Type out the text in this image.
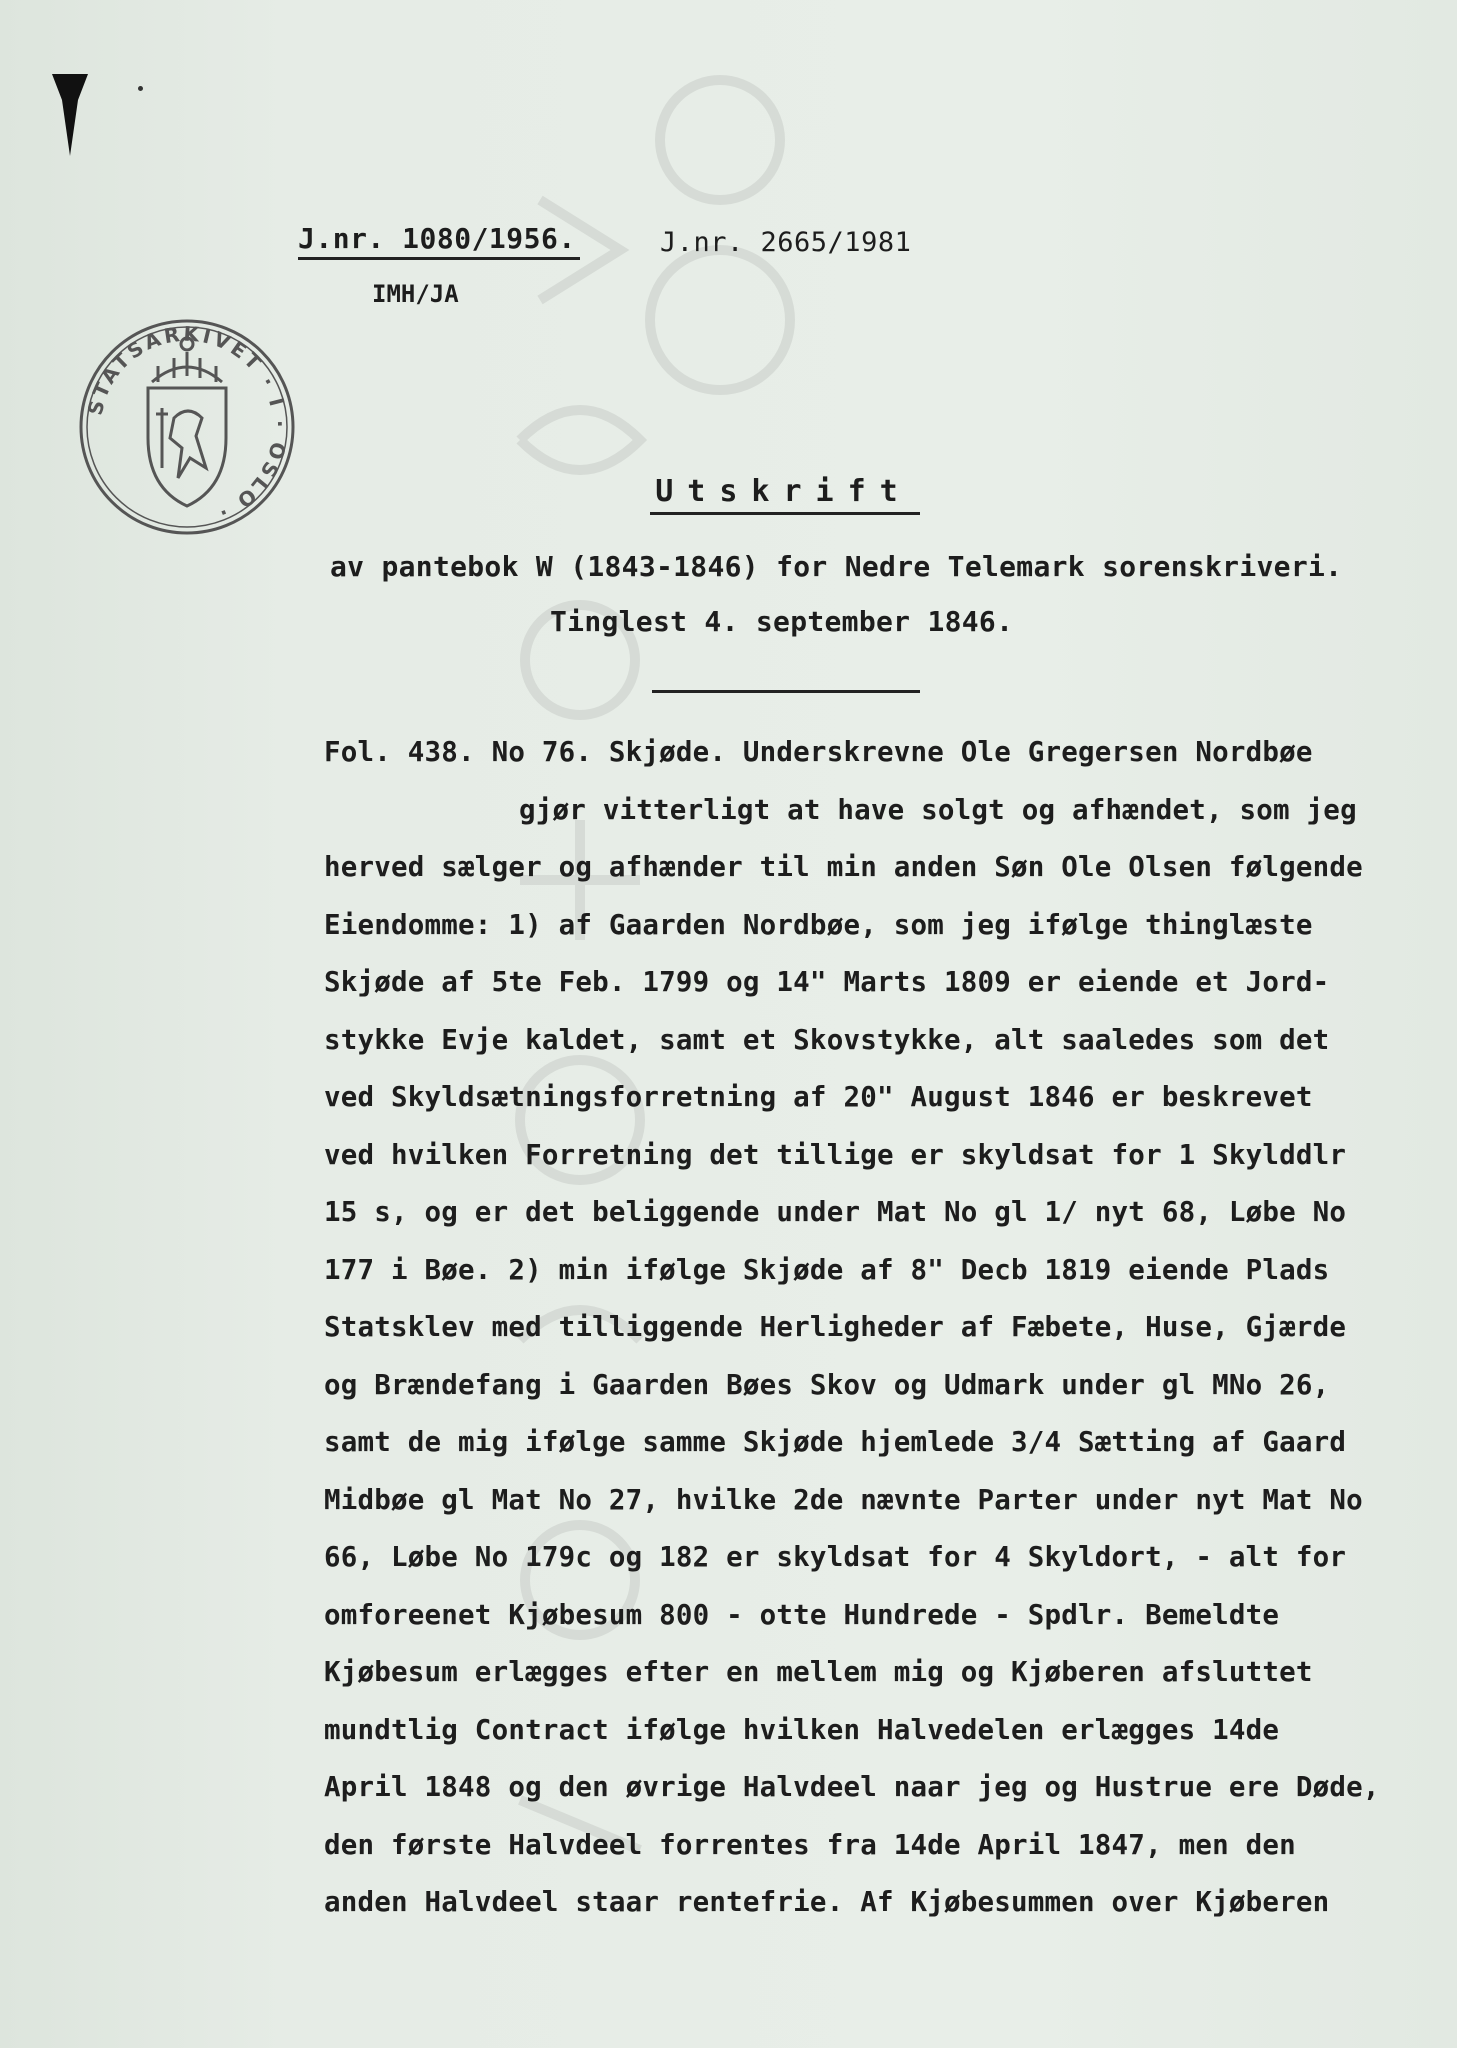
J.nr. 1080/1956.	J.nr. 2665/1981
IMH/JA
STATSARKIVET · I · OSLO ·
Utskrift
av pantebok W (1843-1846) for Nedre Telemark sorenskriveri.
Tinglest 4. september 1846.
Fol. 438. No 76. Skjøde. Underskrevne Ole Gregersen Nordbøe
gjør vitterligt at have solgt og afhændet, som jeg
herved sælger og afhænder til min anden Søn Ole Olsen følgende
Eiendomme: 1) af Gaarden Nordbøe, som jeg ifølge thinglæste
Skjøde af 5te Feb. 1799 og 14" Marts 1809 er eiende et Jord-
stykke Evje kaldet, samt et Skovstykke, alt saaledes som det
ved Skyldsætningsforretning af 20" August 1846 er beskrevet
ved hvilken Forretning det tillige er skyldsat for 1 Skylddlr
15 s, og er det beliggende under Mat No gl 1/ nyt 68, Løbe No
177 i Bøe. 2) min ifølge Skjøde af 8" Decb 1819 eiende Plads
Statsklev med tilliggende Herligheder af Fæbete, Huse, Gjærde
og Brændefang i Gaarden Bøes Skov og Udmark under gl MNo 26,
samt de mig ifølge samme Skjøde hjemlede 3/4 Sætting af Gaard
Midbøe gl Mat No 27, hvilke 2de nævnte Parter under nyt Mat No
66, Løbe No 179c og 182 er skyldsat for 4 Skyldort, - alt for
omforeenet Kjøbesum 800 - otte Hundrede - Spdlr. Bemeldte
Kjøbesum erlægges efter en mellem mig og Kjøberen afsluttet
mundtlig Contract ifølge hvilken Halvedelen erlægges 14de
April 1848 og den øvrige Halvdeel naar jeg og Hustrue ere Døde,
den første Halvdeel forrentes fra 14de April 1847, men den
anden Halvdeel staar rentefrie. Af Kjøbesummen over Kjøberen
